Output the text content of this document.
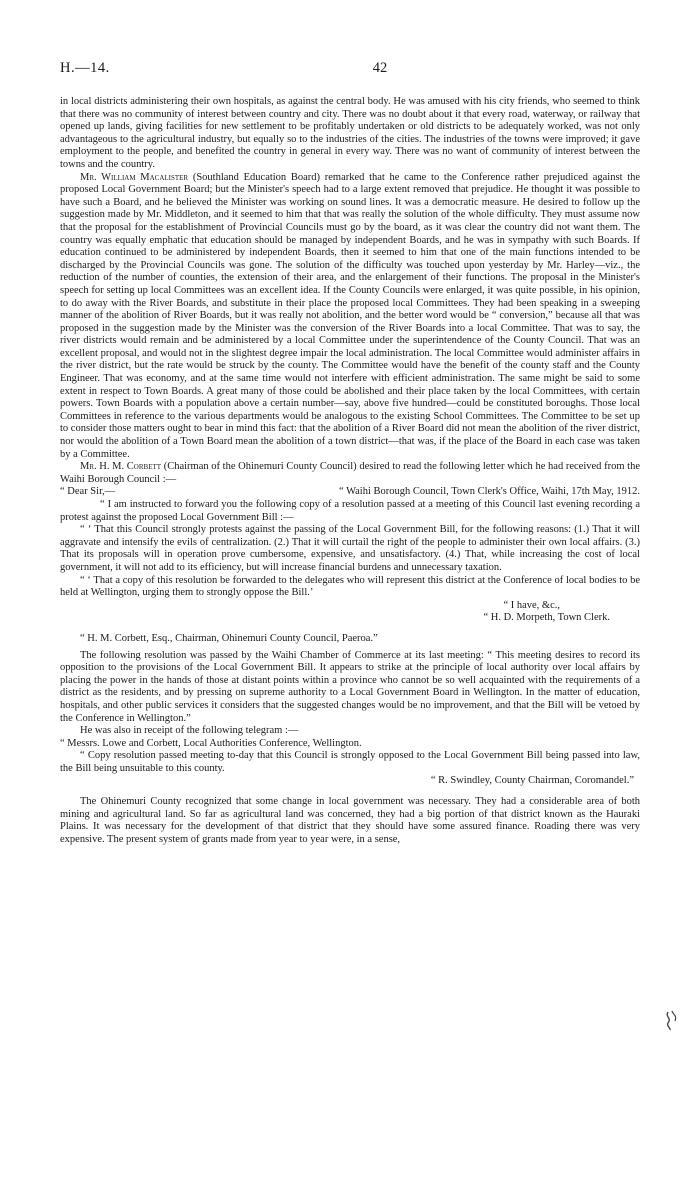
H.—14.	42

in local districts administering their own hospitals, as against the central body. He was amused with his city friends, who seemed to think that there was no community of interest between country and city. There was no doubt about it that every road, waterway, or railway that opened up lands, giving facilities for new settlement to be profitably undertaken or old districts to be adequately worked, was not only advantageous to the agricultural industry, but equally so to the industries of the cities. The industries of the towns were improved; it gave employment to the people, and benefited the country in general in every way. There was no want of community of interest between the towns and the country.

Mr. William Macalister (Southland Education Board) remarked that he came to the Conference rather prejudiced against the proposed Local Government Board; but the Minister's speech had to a large extent removed that prejudice. He thought it was possible to have such a Board, and he believed the Minister was working on sound lines. It was a democratic measure. He desired to follow up the suggestion made by Mr. Middleton, and it seemed to him that that was really the solution of the whole difficulty. They must assume now that the proposal for the establishment of Provincial Councils must go by the board, as it was clear the country did not want them. The country was equally emphatic that education should be managed by independent Boards, and he was in sympathy with such Boards. If education continued to be administered by independent Boards, then it seemed to him that one of the main functions intended to be discharged by the Provincial Councils was gone. The solution of the difficulty was touched upon yesterday by Mr. Harley—viz., the reduction of the number of counties, the extension of their area, and the enlargement of their functions. The proposal in the Minister's speech for setting up local Committees was an excellent idea. If the County Councils were enlarged, it was quite possible, in his opinion, to do away with the River Boards, and substitute in their place the proposed local Committees. They had been speaking in a sweeping manner of the abolition of River Boards, but it was really not abolition, and the better word would be “ conversion,” because all that was proposed in the suggestion made by the Minister was the conversion of the River Boards into a local Committee. That was to say, the river districts would remain and be administered by a local Committee under the superintendence of the County Council. That was an excellent proposal, and would not in the slightest degree impair the local administration. The local Committee would administer affairs in the river district, but the rate would be struck by the county. The Committee would have the benefit of the county staff and the County Engineer. That was economy, and at the same time would not interfere with efficient administration. The same might be said to some extent in respect to Town Boards. A great many of those could be abolished and their place taken by the local Committees, with certain powers. Town Boards with a population above a certain number—say, above five hundred—could be constituted boroughs. Those local Committees in reference to the various departments would be analogous to the existing School Committees. The Committee to be set up to consider those matters ought to bear in mind this fact: that the abolition of a River Board did not mean the abolition of the river district, nor would the abolition of a Town Board mean the abolition of a town district—that was, if the place of the Board in each case was taken by a Committee.

Mr. H. M. Corbett (Chairman of the Ohinemuri County Council) desired to read the following letter which he had received from the Waihi Borough Council :—

“ Dear Sir,—	“ Waihi Borough Council, Town Clerk's Office, Waihi, 17th May, 1912.

“ I am instructed to forward you the following copy of a resolution passed at a meeting of this Council last evening recording a protest against the proposed Local Government Bill :—

“ ‘ That this Council strongly protests against the passing of the Local Government Bill, for the following reasons: (1.) That it will aggravate and intensify the evils of centralization. (2.) That it will curtail the right of the people to administer their own local affairs. (3.) That its proposals will in operation prove cumbersome, expensive, and unsatisfactory. (4.) That, while increasing the cost of local government, it will not add to its efficiency, but will increase financial burdens and unnecessary taxation.

“ ‘ That a copy of this resolution be forwarded to the delegates who will represent this district at the Conference of local bodies to be held at Wellington, urging them to strongly oppose the Bill.’

“ I have, &c.,

“ H. D. Morpeth, Town Clerk.

“ H. M. Corbett, Esq., Chairman, Ohinemuri County Council, Paeroa.”

The following resolution was passed by the Waihi Chamber of Commerce at its last meeting: “ This meeting desires to record its opposition to the provisions of the Local Government Bill. It appears to strike at the principle of local authority over local affairs by placing the power in the hands of those at distant points within a province who cannot be so well acquainted with the requirements of a district as the residents, and by pressing on supreme authority to a Local Government Board in Wellington. In the matter of education, hospitals, and other public services it considers that the suggested changes would be no improvement, and that the Bill will be vetoed by the Conference in Wellington.”

He was also in receipt of the following telegram :—

“ Messrs. Lowe and Corbett, Local Authorities Conference, Wellington.

“ Copy resolution passed meeting to-day that this Council is strongly opposed to the Local Government Bill being passed into law, the Bill being unsuitable to this county.

“ R. Swindley, County Chairman, Coromandel.”

The Ohinemuri County recognized that some change in local government was necessary. They had a considerable area of both mining and agricultural land. So far as agricultural land was concerned, they had a big portion of that district known as the Hauraki Plains. It was necessary for the development of that district that they should have some assured finance. Roading there was very expensive. The present system of grants made from year to year were, in a sense,
